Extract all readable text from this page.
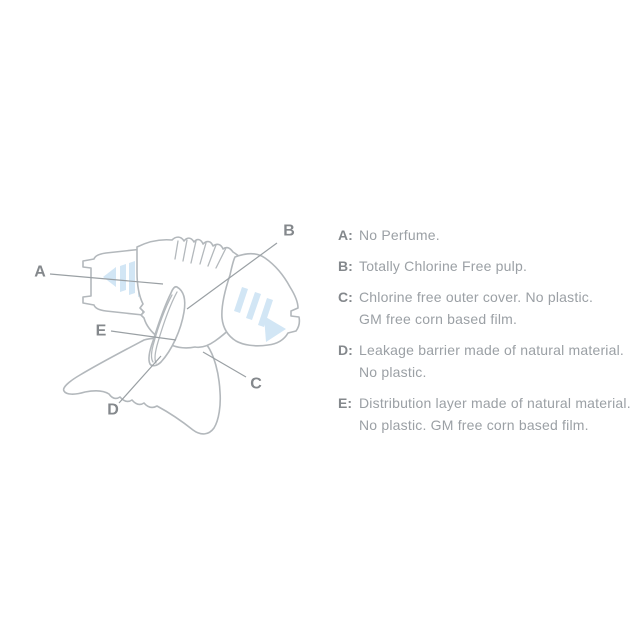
A
B
C
D
E
A: No Perfume.
B: Totally Chlorine Free pulp.
C: Chlorine free outer cover. No plastic.
GM free corn based film.
D: Leakage barrier made of natural material.
No plastic.
E: Distribution layer made of natural material.
No plastic. GM free corn based film.
